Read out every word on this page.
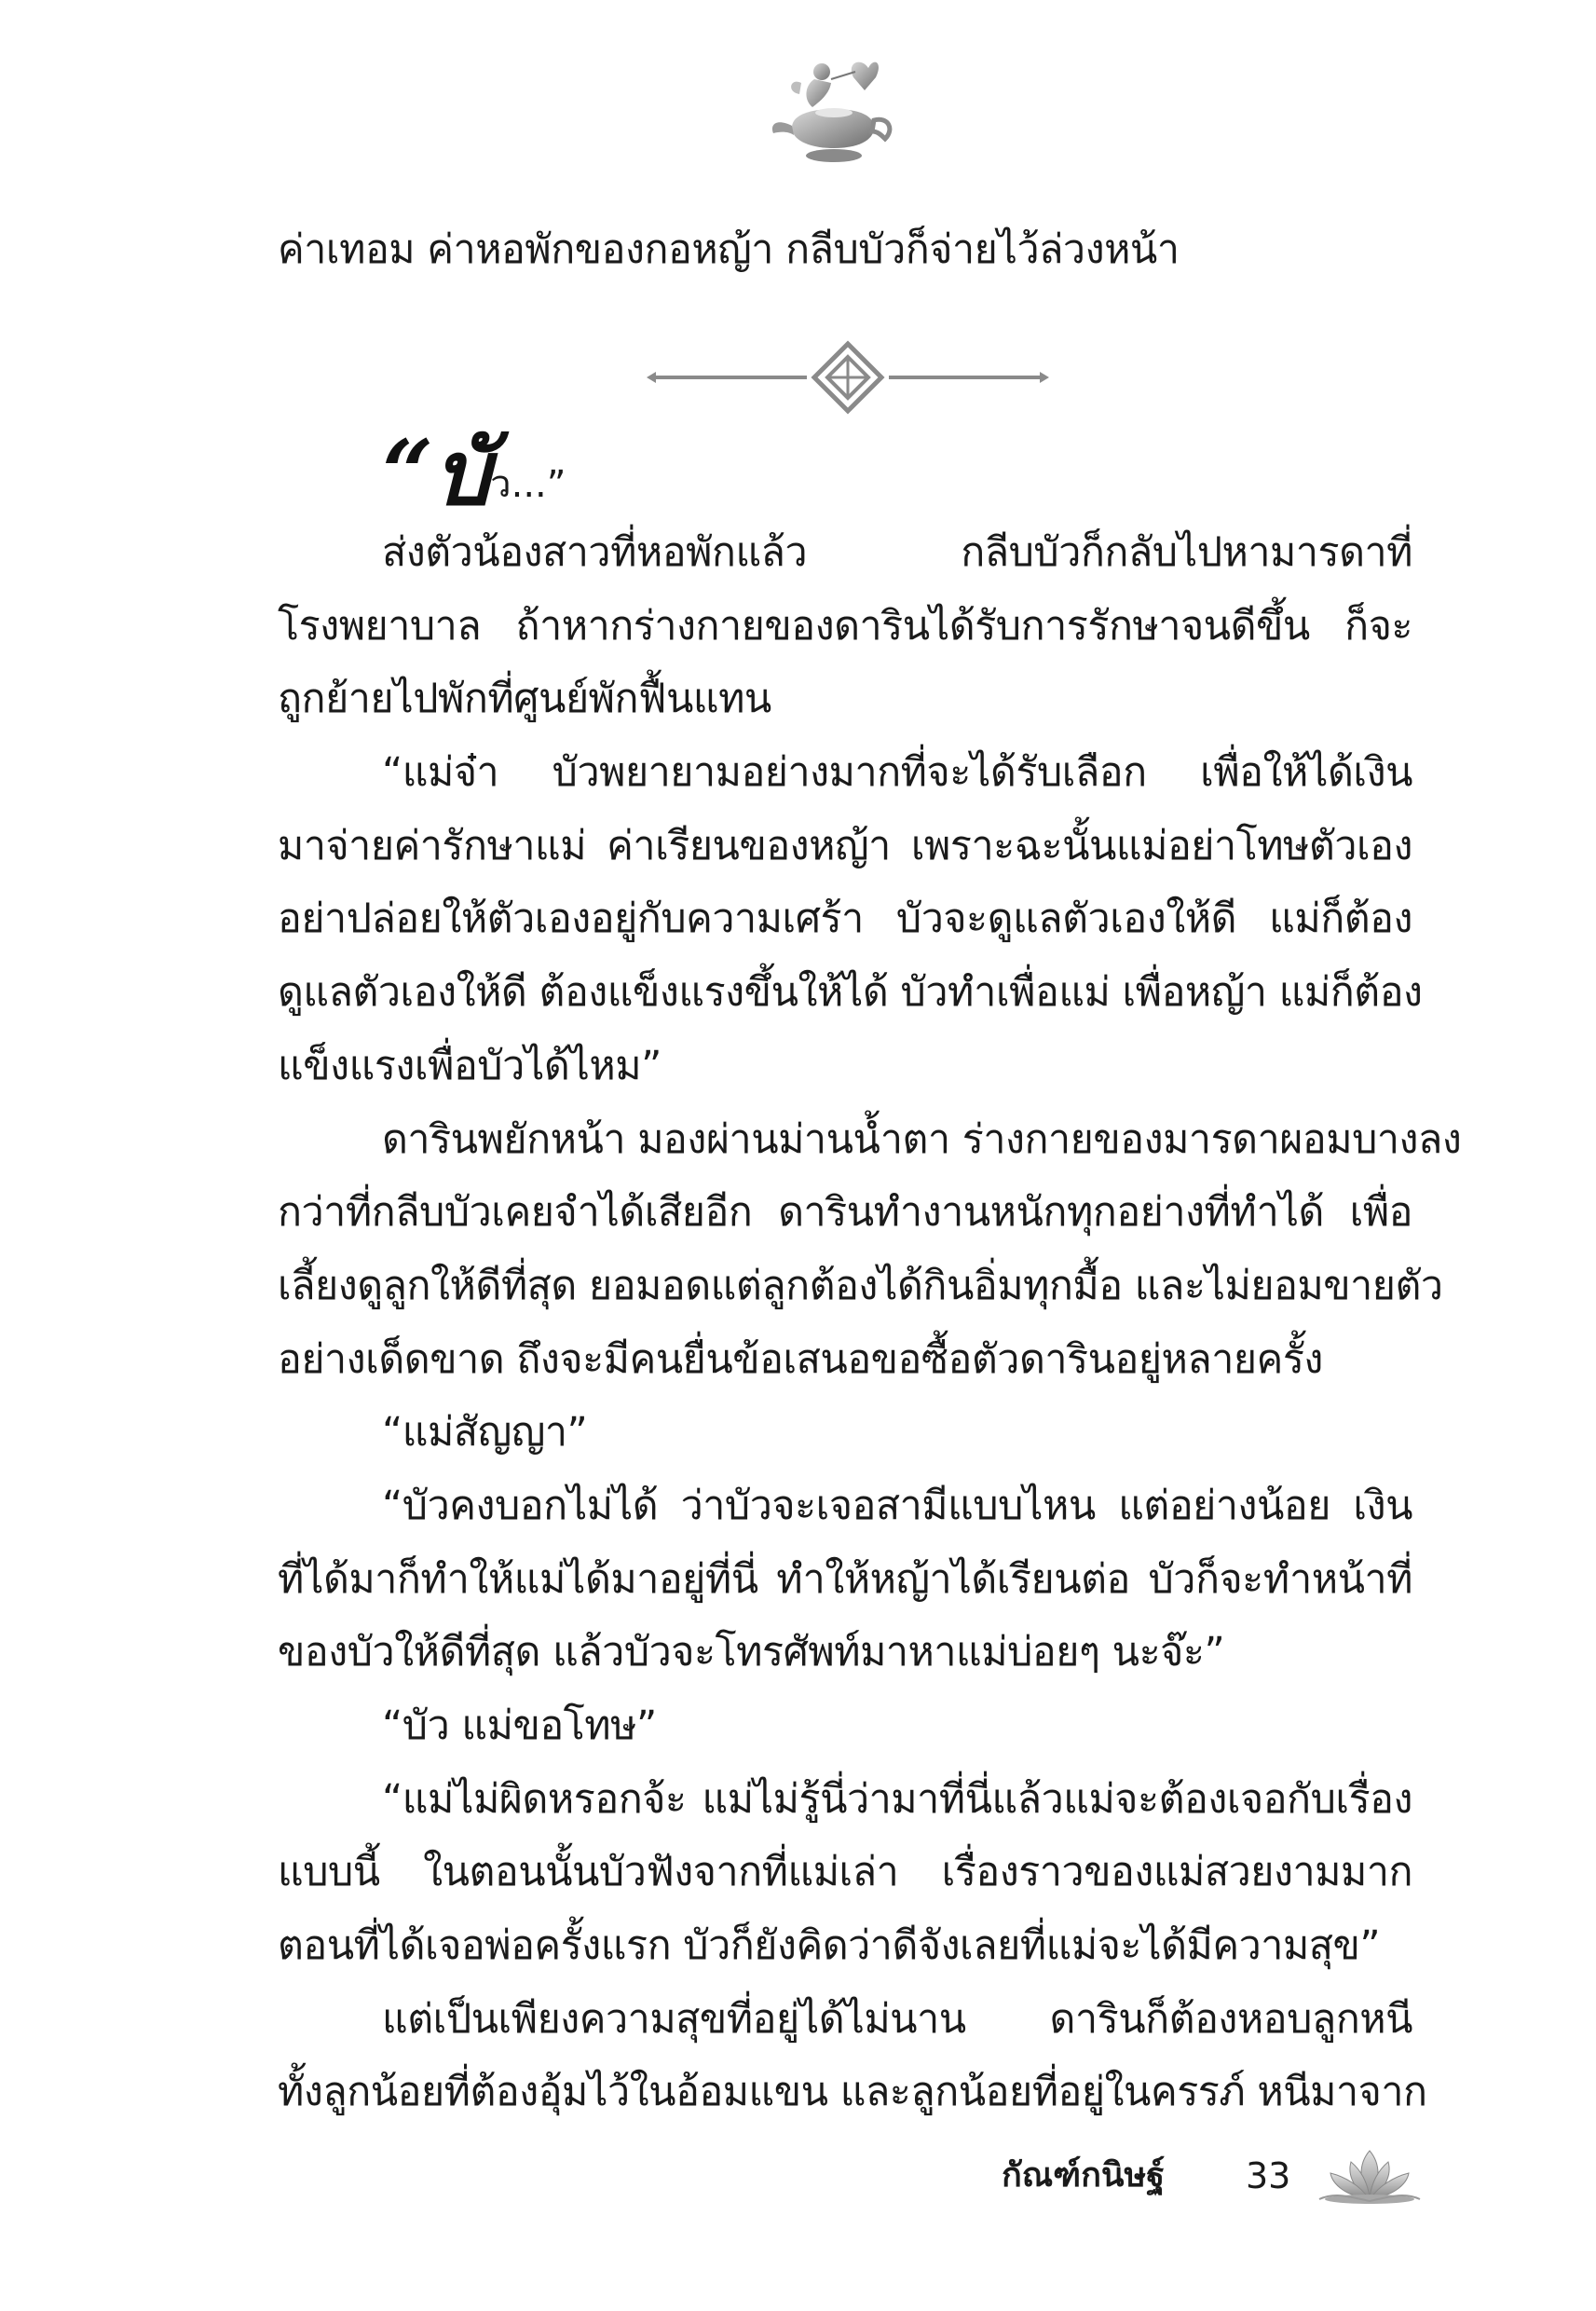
ค่าเทอม ค่าหอพักของกอหญ้า กลีบบัวก็จ่ายไว้ล่วงหน้า
“บัว...”
ส่งตัวน้องสาวที่หอพักแล้ว กลีบบัวก็กลับไปหามารดาที่
โรงพยาบาล ถ้าหากร่างกายของดารินได้รับการรักษาจนดีขึ้น ก็จะ
ถูกย้ายไปพักที่ศูนย์พักฟื้นแทน
“แม่จ๋า บัวพยายามอย่างมากที่จะได้รับเลือก เพื่อให้ได้เงิน
มาจ่ายค่ารักษาแม่ ค่าเรียนของหญ้า เพราะฉะนั้นแม่อย่าโทษตัวเอง
อย่าปล่อยให้ตัวเองอยู่กับความเศร้า บัวจะดูแลตัวเองให้ดี แม่ก็ต้อง
ดูแลตัวเองให้ดี ต้องแข็งแรงขึ้นให้ได้ บัวทำเพื่อแม่ เพื่อหญ้า แม่ก็ต้อง
แข็งแรงเพื่อบัวได้ไหม”
ดารินพยักหน้า มองผ่านม่านน้ำตา ร่างกายของมารดาผอมบางลง
กว่าที่กลีบบัวเคยจำได้เสียอีก ดารินทำงานหนักทุกอย่างที่ทำได้ เพื่อ
เลี้ยงดูลูกให้ดีที่สุด ยอมอดแต่ลูกต้องได้กินอิ่มทุกมื้อ และไม่ยอมขายตัว
อย่างเด็ดขาด ถึงจะมีคนยื่นข้อเสนอขอซื้อตัวดารินอยู่หลายครั้ง
“แม่สัญญา”
“บัวคงบอกไม่ได้ ว่าบัวจะเจอสามีแบบไหน แต่อย่างน้อย เงิน
ที่ได้มาก็ทำให้แม่ได้มาอยู่ที่นี่ ทำให้หญ้าได้เรียนต่อ บัวก็จะทำหน้าที่
ของบัวให้ดีที่สุด แล้วบัวจะโทรศัพท์มาหาแม่บ่อยๆ นะจ๊ะ”
“บัว แม่ขอโทษ”
“แม่ไม่ผิดหรอกจ้ะ แม่ไม่รู้นี่ว่ามาที่นี่แล้วแม่จะต้องเจอกับเรื่อง
แบบนี้ ในตอนนั้นบัวฟังจากที่แม่เล่า เรื่องราวของแม่สวยงามมาก
ตอนที่ได้เจอพ่อครั้งแรก บัวก็ยังคิดว่าดีจังเลยที่แม่จะได้มีความสุข”
แต่เป็นเพียงความสุขที่อยู่ได้ไม่นาน ดารินก็ต้องหอบลูกหนี
ทั้งลูกน้อยที่ต้องอุ้มไว้ในอ้อมแขน และลูกน้อยที่อยู่ในครรภ์ หนีมาจาก
กัณฑ์กนิษฐ์ 33
